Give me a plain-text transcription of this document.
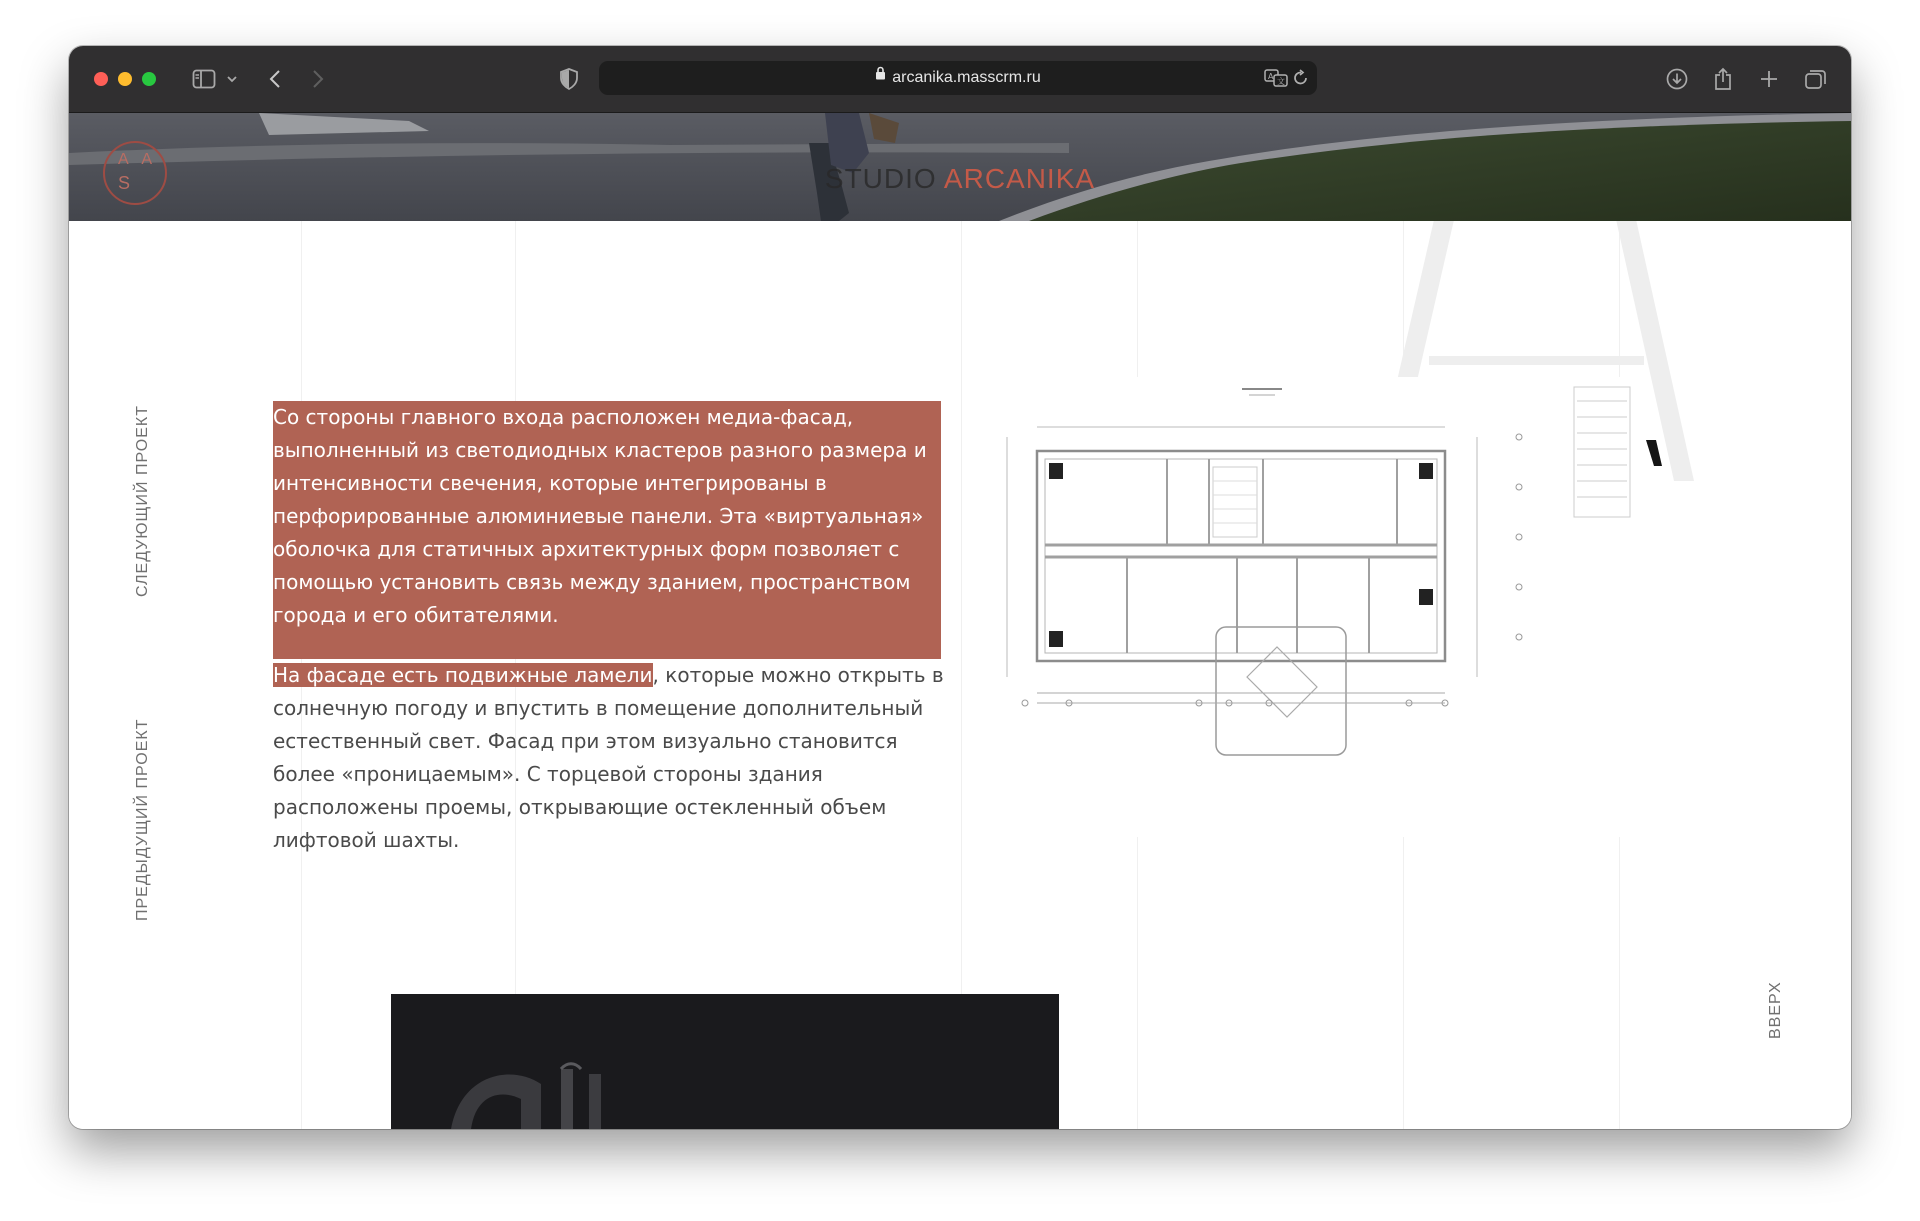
arcanika.masscrm.ru	A
文
A A
S	STUDIO ARCANIKA
СЛЕДУЮЩИЙ ПРОЕКТ
ПРЕДЫДУЩИЙ ПРОЕКТ
ВВЕРХ
Со стороны главного входа расположен медиа-фасад, выполненный из светодиодных кластеров разного размера и интенсивности свечения, которые интегрированы в перфорированные алюминиевые панели. Эта «виртуальная» оболочка для статичных архитектурных форм позволяет с помощью установить связь между зданием, пространством города и его обитателями.
На фасаде есть подвижные ламели, которые можно открыть в солнечную погоду и впустить в помещение дополнительный естественный свет. Фасад при этом визуально становится более «проницаемым». С торцевой стороны здания расположены проемы, открывающие остекленный объем лифтовой шахты.
